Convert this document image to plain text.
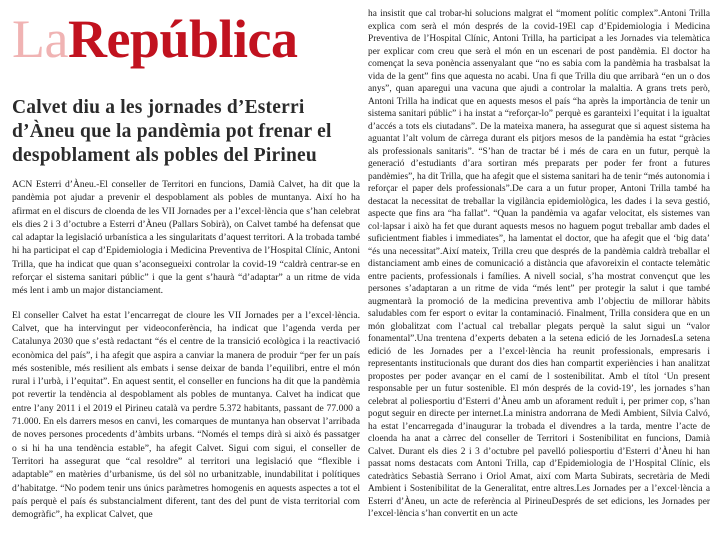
LaRepública
Calvet diu a les jornades d’Esterri d’Àneu que la pandèmia pot frenar el despoblament als pobles del Pirineu

ACN Esterri d’Àneu.-El conseller de Territori en funcions, Damià Calvet, ha dit que la pandèmia pot ajudar a prevenir el despoblament als pobles de muntanya. Així ho ha afirmat en el discurs de cloenda de les VII Jornades per a l’excel·lència que s’han celebrat els dies 2 i 3 d’octubre a Esterri d’Àneu (Pallars Sobirà), on Calvet també ha defensat que cal adaptar la legislació urbanística a les singularitats d’aquest territori. A la trobada també hi ha participat el cap d’Epidemiologia i Medicina Preventiva de l’Hospital Clínic, Antoni Trilla, que ha indicat que quan s’aconsegueixi controlar la covid-19 “caldrà centrar-se en reforçar el sistema sanitari públic” i que la gent s’haurà “d’adaptar” a un ritme de vida més lent i amb un major distanciament.

El conseller Calvet ha estat l’encarregat de cloure les VII Jornades per a l’excel·lència. Calvet, que ha intervingut per videoconferència, ha indicat que l’agenda verda per Catalunya 2030 que s’està redactant “és el centre de la transició ecològica i la reactivació econòmica del país”, i ha afegit que aspira a canviar la manera de produir “per fer un país més sostenible, més resilient als embats i sense deixar de banda l’equilibri, entre el món rural i l’urbà, i l’equitat”. En aquest sentit, el conseller en funcions ha dit que la pandèmia pot revertir la tendència al despoblament als pobles de muntanya. Calvet ha indicat que entre l’any 2011 i el 2019 el Pirineu català va perdre 5.372 habitants, passant de 77.000 a 71.000. En els darrers mesos en canvi, les comarques de muntanya han observat l’arribada de noves persones procedents d’àmbits urbans. “Només el temps dirà si això és passatger o si hi ha una tendència estable”, ha afegit Calvet. Sigui com sigui, el conseller de Territori ha assegurat que “cal resoldre” al territori una legislació que “flexible i adaptable” en matèries d’urbanisme, ús del sòl no urbanitzable, inundabilitat i polítiques d’habitatge. “No podem tenir uns únics paràmetres homogenis en aquests aspectes a tot el país perquè el país és substancialment diferent, tant des del punt de vista territorial com demogràfic”, ha explicat Calvet, que

ha insistit que cal trobar-hi solucions malgrat el “moment polític complex”.Antoni Trilla explica com serà el món després de la covid-19El cap d’Epidemiologia i Medicina Preventiva de l’Hospital Clínic, Antoni Trilla, ha participat a les Jornades via telemàtica per explicar com creu que serà el món en un escenari de post pandèmia. El doctor ha començat la seva ponència assenyalant que “no es sabia com la pandèmia ha trasbalsat la vida de la gent” fins que aquesta no acabi. Una fi que Trilla diu que arribarà “en un o dos anys”, quan aparegui una vacuna que ajudi a controlar la malaltia. A grans trets però, Antoni Trilla ha indicat que en aquests mesos el país “ha après la importància de tenir un sistema sanitari públic” i ha instat a “reforçar-lo” perquè es garanteixi l’equitat i la igualtat d’accés a tots els ciutadans”. De la mateixa manera, ha assegurat que si aquest sistema ha aguantat l’alt volum de càrrega durant els pitjors mesos de la pandèmia ha estat “gràcies als professionals sanitaris”. “S’han de tractar bé i més de cara en un futur, perquè la generació d’estudiants d’ara sortiran més preparats per poder fer front a futures pandèmies”, ha dit Trilla, que ha afegit que el sistema sanitari ha de tenir “més autonomia i reforçar el paper dels professionals”.De cara a un futur proper, Antoni Trilla també ha destacat la necessitat de treballar la vigilància epidemiològica, les dades i la seva gestió, aspecte que fins ara “ha fallat”. “Quan la pandèmia va agafar velocitat, els sistemes van col·lapsar i això ha fet que durant aquests mesos no haguem pogut treballar amb dades el suficientment fiables i immediates”, ha lamentat el doctor, que ha afegit que el ‘big data’ “és una necessitat”.Així mateix, Trilla creu que després de la pandèmia caldrà treballar el distanciament amb eines de comunicació a distància que afavoreixin el contacte telemàtic entre pacients, professionals i famílies. A nivell social, s’ha mostrat convençut que les persones s’adaptaran a un ritme de vida “més lent” per protegir la salut i que també augmentarà la promoció de la medicina preventiva amb l’objectiu de millorar hàbits saludables com fer esport o evitar la contaminació. Finalment, Trilla considera que en un món globalitzat com l’actual cal treballar plegats perquè la salut sigui un “valor fonamental”.Una trentena d’experts debaten a la setena edició de les JornadesLa setena edició de les Jornades per a l’excel·lència ha reunit professionals, empresaris i representants institucionals que durant dos dies han compartit experiències i han analitzat propostes per poder avançar en el camí de l sostenibilitat. Amb el títol ‘Un present responsable per un futur sostenible. El món després de la covid-19’, les jornades s’han celebrat al poliesportiu d’Esterri d’Àneu amb un aforament reduït i, per primer cop, s’han pogut seguir en directe per internet.La ministra andorrana de Medi Ambient, Sílvia Calvó, ha estat l’encarregada d’inaugurar la trobada el divendres a la tarda, mentre l’acte de cloenda ha anat a càrrec del conseller de Territori i Sostenibilitat en funcions, Damià Calvet. Durant els dies 2 i 3 d’octubre pel pavelló poliesportiu d’Esterri d’Àneu hi han passat noms destacats com Antoni Trilla, cap d’Epidemiologia de l’Hospital Clínic, els catedràtics Sebastià Serrano i Oriol Amat, així com Marta Subirats, secretària de Medi Ambient i Sostenibilitat de la Generalitat, entre altres.Les Jornades per a l’excel·lència a Esterri d’Àneu, un acte de referència al PirineuDesprés de set edicions, les Jornades per l’excel·lència s’han convertit en un acte
